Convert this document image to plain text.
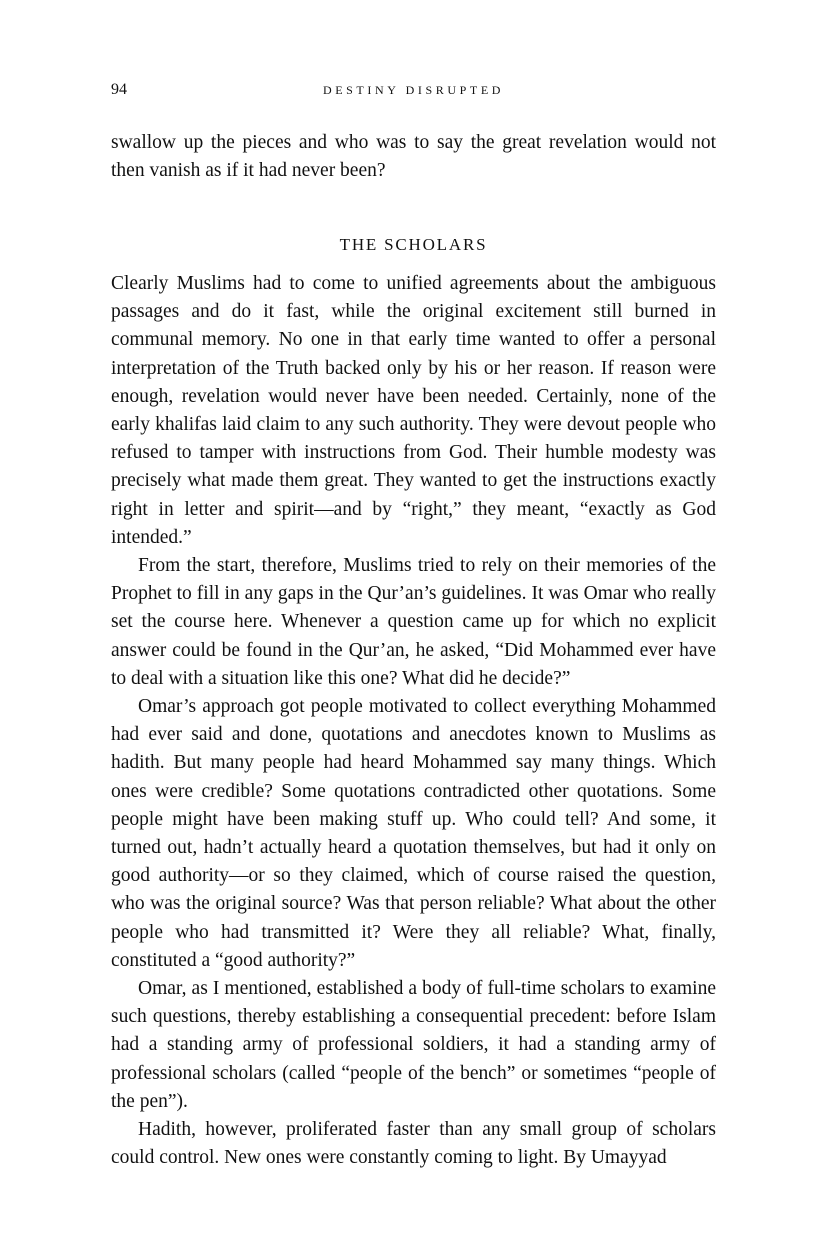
94	DESTINY DISRUPTED

swallow up the pieces and who was to say the great revelation would not then vanish as if it had never been?

THE SCHOLARS

Clearly Muslims had to come to unified agreements about the ambiguous passages and do it fast, while the original excitement still burned in communal memory. No one in that early time wanted to offer a personal interpretation of the Truth backed only by his or her reason. If reason were enough, revelation would never have been needed. Certainly, none of the early khalifas laid claim to any such authority. They were devout people who refused to tamper with instructions from God. Their humble modesty was precisely what made them great. They wanted to get the instructions exactly right in letter and spirit—and by “right,” they meant, “exactly as God intended.”

From the start, therefore, Muslims tried to rely on their memories of the Prophet to fill in any gaps in the Qur’an’s guidelines. It was Omar who really set the course here. Whenever a question came up for which no explicit answer could be found in the Qur’an, he asked, “Did Mohammed ever have to deal with a situation like this one? What did he decide?”

Omar’s approach got people motivated to collect everything Mohammed had ever said and done, quotations and anecdotes known to Muslims as hadith. But many people had heard Mohammed say many things. Which ones were credible? Some quotations contradicted other quotations. Some people might have been making stuff up. Who could tell? And some, it turned out, hadn’t actually heard a quotation themselves, but had it only on good authority—or so they claimed, which of course raised the question, who was the original source? Was that person reliable? What about the other people who had transmitted it? Were they all reliable? What, finally, constituted a “good authority?”

Omar, as I mentioned, established a body of full-time scholars to examine such questions, thereby establishing a consequential precedent: before Islam had a standing army of professional soldiers, it had a standing army of professional scholars (called “people of the bench” or sometimes “people of the pen”).

Hadith, however, proliferated faster than any small group of scholars could control. New ones were constantly coming to light. By Umayyad
